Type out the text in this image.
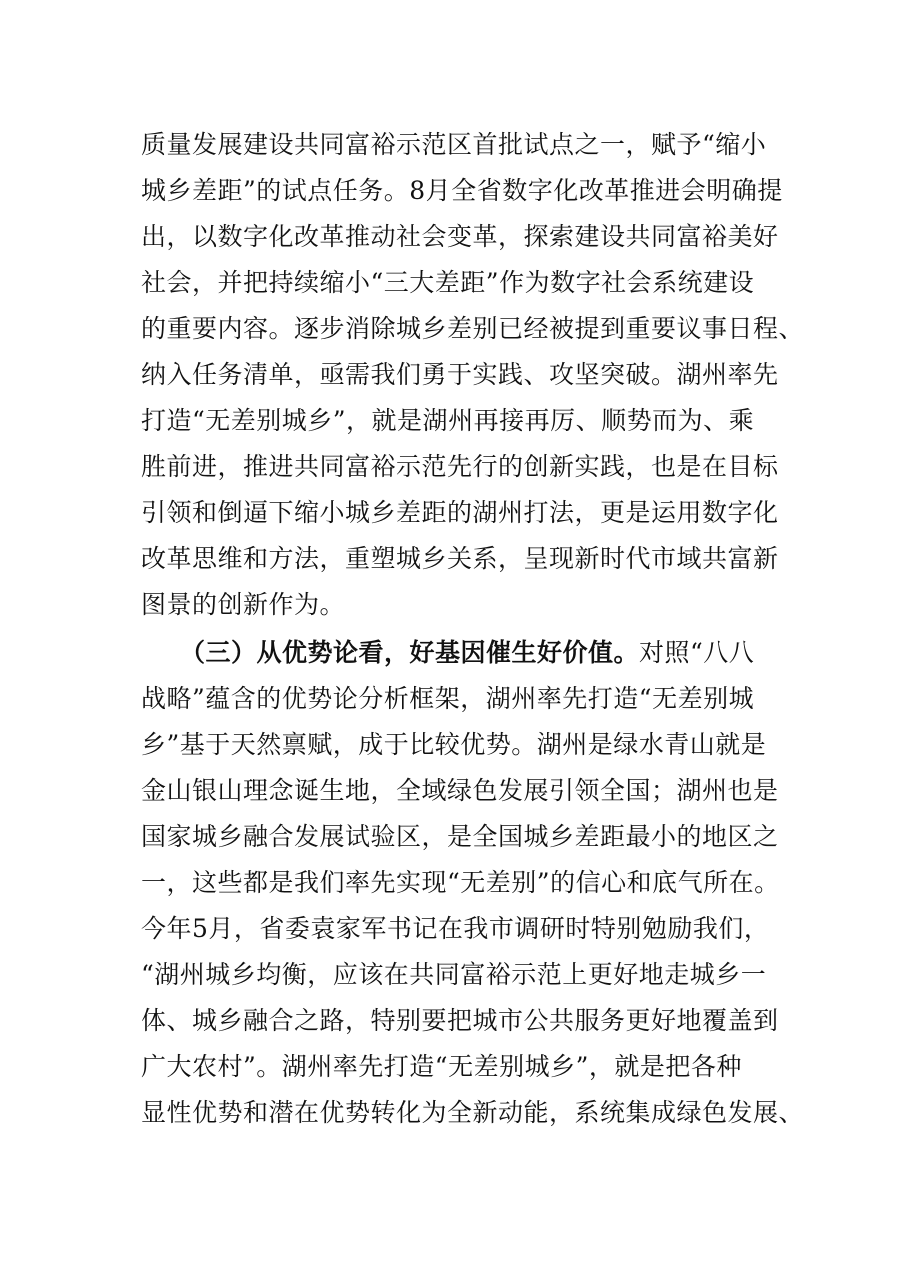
质量发展建设共同富裕示范区首批试点之一，赋予“缩小
城乡差距”的试点任务。8月全省数字化改革推进会明确提
出，以数字化改革推动社会变革，探索建设共同富裕美好
社会，并把持续缩小“三大差距”作为数字社会系统建设
的重要内容。逐步消除城乡差别已经被提到重要议事日程、
纳入任务清单，亟需我们勇于实践、攻坚突破。湖州率先
打造“无差别城乡”，就是湖州再接再厉、顺势而为、乘
胜前进，推进共同富裕示范先行的创新实践，也是在目标
引领和倒逼下缩小城乡差距的湖州打法，更是运用数字化
改革思维和方法，重塑城乡关系，呈现新时代市域共富新
图景的创新作为。
（三）从优势论看，好基因催生好价值。对照“八八
战略”蕴含的优势论分析框架，湖州率先打造“无差别城
乡”基于天然禀赋，成于比较优势。湖州是绿水青山就是
金山银山理念诞生地，全域绿色发展引领全国；湖州也是
国家城乡融合发展试验区，是全国城乡差距最小的地区之
一，这些都是我们率先实现“无差别”的信心和底气所在。
今年5月，省委袁家军书记在我市调研时特别勉励我们，
“湖州城乡均衡，应该在共同富裕示范上更好地走城乡一
体、城乡融合之路，特别要把城市公共服务更好地覆盖到
广大农村”。湖州率先打造“无差别城乡”，就是把各种
显性优势和潜在优势转化为全新动能，系统集成绿色发展、
